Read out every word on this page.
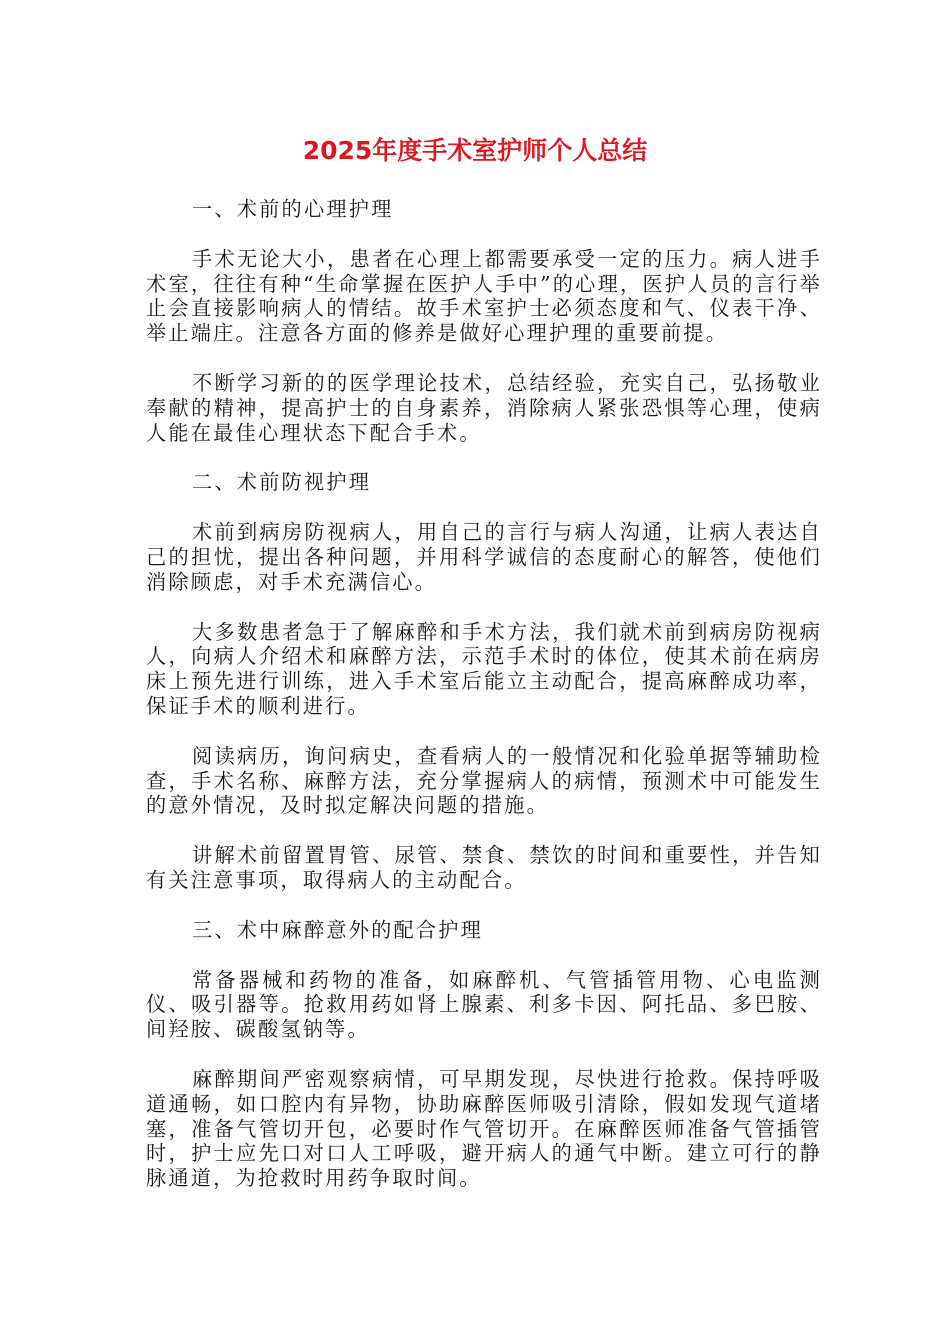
2025年度手术室护师个人总结
一、术前的心理护理
手术无论大小，患者在心理上都需要承受一定的压力。病人进手术室，往往有种“生命掌握在医护人手中”的心理，医护人员的言行举止会直接影响病人的情结。故手术室护士必须态度和气、仪表干净、举止端庄。注意各方面的修养是做好心理护理的重要前提。
不断学习新的的医学理论技术，总结经验，充实自己，弘扬敬业奉献的精神，提高护士的自身素养，消除病人紧张恐惧等心理，使病人能在最佳心理状态下配合手术。
二、术前防视护理
术前到病房防视病人，用自己的言行与病人沟通，让病人表达自己的担忧，提出各种问题，并用科学诚信的态度耐心的解答，使他们消除顾虑，对手术充满信心。
大多数患者急于了解麻醉和手术方法，我们就术前到病房防视病人，向病人介绍术和麻醉方法，示范手术时的体位，使其术前在病房床上预先进行训练，进入手术室后能立主动配合，提高麻醉成功率，保证手术的顺利进行。
阅读病历，询问病史，查看病人的一般情况和化验单据等辅助检查，手术名称、麻醉方法，充分掌握病人的病情，预测术中可能发生的意外情况，及时拟定解决问题的措施。
讲解术前留置胃管、尿管、禁食、禁饮的时间和重要性，并告知有关注意事项，取得病人的主动配合。
三、术中麻醉意外的配合护理
常备器械和药物的准备，如麻醉机、气管插管用物、心电监测仪、吸引器等。抢救用药如肾上腺素、利多卡因、阿托品、多巴胺、间羟胺、碳酸氢钠等。
麻醉期间严密观察病情，可早期发现，尽快进行抢救。保持呼吸道通畅，如口腔内有异物，协助麻醉医师吸引清除，假如发现气道堵塞，准备气管切开包，必要时作气管切开。在麻醉医师准备气管插管时，护士应先口对口人工呼吸，避开病人的通气中断。建立可行的静脉通道，为抢救时用药争取时间。
